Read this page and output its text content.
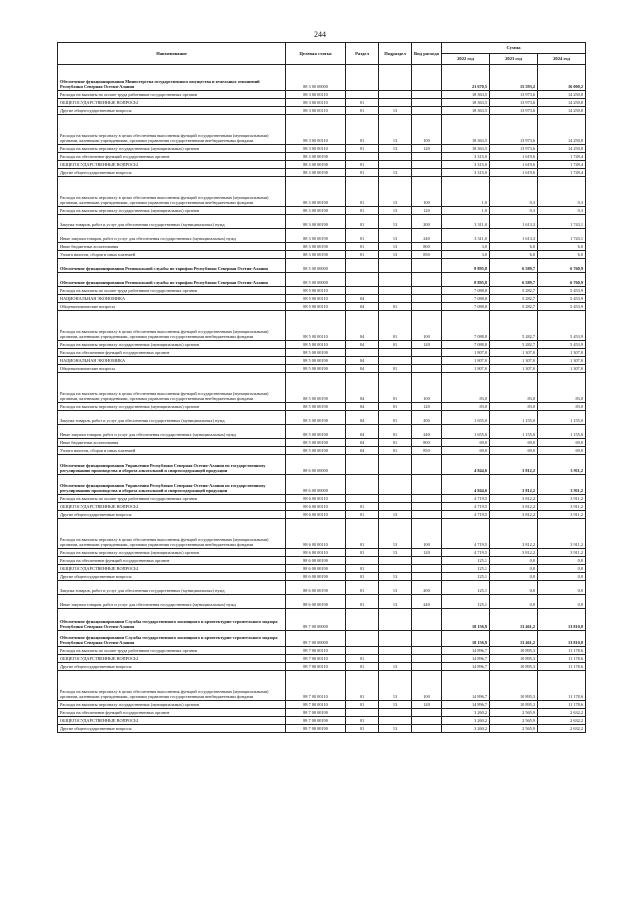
244
Наименование	Целевая статья	Раздел	Подраздел	Вид расхода	Сумма		
					2022 год	2023 год	2024 год
Обеспечение функционирования Министерства государственного имущества и земельных отношений Республики Северная Осетия-Алания	88 3 00 00000				21 670,5	15 593,2	16 000,2
Расходы на выплаты по оплате труда работников государственных органов	88 3 00 00110				18 363,5	13 973,6	14 250,8
ОБЩЕГОСУДАРСТВЕННЫЕ ВОПРОСЫ	88 3 00 00110	01			18 363,5	13 973,6	14 250,8
Другие общегосударственные вопросы	88 3 00 00110	01	13		18 363,5	13 973,6	14 250,8
Расходы на выплаты персоналу в целях обеспечения выполнения функций государственными (муниципальными) органами, казенными учреждениями, органами управления государственными внебюджетными фондами	88 3 00 00110	01	13	100	18 363,5	13 973,6	14 250,8
Расходы на выплаты персоналу государственных (муниципальных) органов	88 3 00 00110	01	13	120	18 363,5	13 973,6	14 250,8
Расходы на обеспечение функций государственных органов	88 3 00 00190				3 315,0	1 619,6	1 749,4
ОБЩЕГОСУДАРСТВЕННЫЕ ВОПРОСЫ	88 3 00 00190	01			3 315,0	1 619,6	1 749,4
Другие общегосударственные вопросы	88 3 00 00190	01	13		3 315,0	1 619,6	1 749,4
Расходы на выплаты персоналу в целях обеспечения выполнения функций государственными (муниципальными) органами, казенными учреждениями, органами управления государственными внебюджетными фондами	88 3 00 00190	01	13	100	1,0	0,3	0,3
Расходы на выплаты персоналу государственных (муниципальных) органов	88 3 00 00190	01	13	120	1,0	0,3	0,3
Закупка товаров, работ и услуг для обеспечения государственных (муниципальных) нужд	88 3 00 00190	01	13	200	3 311,0	1 613,3	1 743,1
Иные закупки товаров, работ и услуг для обеспечения государственных (муниципальных) нужд	88 3 00 00190	01	13	240	3 311,0	1 613,3	1 743,1
Иные бюджетные ассигнования	88 3 00 00190	01	13	800	3,0	6,0	6,0
Уплата налогов, сборов и иных платежей	88 3 00 00190	01	13	850	3,0	6,0	6,0
Обеспечение функционирования Региональной службы по тарифам Республики Северная Осетия-Алания	88 5 00 00000				8 895,8	6 589,7	6 760,9
Обеспечение функционирования Региональной службы по тарифам Республики Северная Осетия-Алания	88 5 00 00000				8 895,8	6 589,7	6 760,9
Расходы на выплаты по оплате труда работников государственных органов	88 5 00 00110				7 088,8	5 282,7	5 453,9
НАЦИОНАЛЬНАЯ ЭКОНОМИКА	88 5 00 00110	04			7 088,8	5 282,7	5 453,9
Общеэкономические вопросы	88 5 00 00110	04	01		7 088,8	5 282,7	5 453,9
Расходы на выплаты персоналу в целях обеспечения выполнения функций государственными (муниципальными) органами, казенными учреждениями, органами управления государственными внебюджетными фондами	88 5 00 00110	04	01	100	7 088,8	5 282,7	5 453,9
Расходы на выплаты персоналу государственных (муниципальных) органов	88 5 00 00110	04	01	120	7 088,8	5 282,7	5 453,9
Расходы на обеспечение функций государственных органов	88 5 00 00190				1 807,0	1 307,0	1 307,0
НАЦИОНАЛЬНАЯ ЭКОНОМИКА	88 5 00 00190	04			1 807,0	1 307,0	1 307,0
Общеэкономические вопросы	88 5 00 00190	04	01		1 807,0	1 307,0	1 307,0
Расходы на выплаты персоналу в целях обеспечения выполнения функций государственными (муниципальными) органами, казенными учреждениями, органами управления государственными внебюджетными фондами	88 5 00 00190	04	01	100	83,0	83,0	83,0
Расходы на выплаты персоналу государственных (муниципальных) органов	88 5 00 00190	04	01	120	83,0	83,0	83,0
Закупка товаров, работ и услуг для обеспечения государственных (муниципальных) нужд	88 5 00 00190	04	01	200	1 655,0	1 155,0	1 155,0
Иные закупки товаров, работ и услуг для обеспечения государственных (муниципальных) нужд	88 5 00 00190	04	01	240	1 655,0	1 155,0	1 155,0
Иные бюджетные ассигнования	88 5 00 00190	04	01	800	69,0	69,0	69,0
Уплата налогов, сборов и иных платежей	88 5 00 00190	04	01	850	69,0	69,0	69,0
Обеспечение функционирования Управления Республики Северная Осетия-Алания по государственному регулированию производства и оборота алкогольной и спиртосодержащей продукции	88 6 00 00000				4 844,6	3 812,2	3 911,2
Обеспечение функционирования Управления Республики Северная Осетия-Алания по государственному регулированию производства и оборота алкогольной и спиртосодержащей продукции	88 6 00 00000				4 844,6	3 812,2	3 911,2
Расходы на выплаты по оплате труда работников государственных органов	88 6 00 00110				4 719,5	3 812,2	3 911,2
ОБЩЕГОСУДАРСТВЕННЫЕ ВОПРОСЫ	88 6 00 00110	01			4 719,5	3 812,2	3 911,2
Другие общегосударственные вопросы	88 6 00 00110	01	13		4 719,5	3 812,2	3 911,2
Расходы на выплаты персоналу в целях обеспечения выполнения функций государственными (муниципальными) органами, казенными учреждениями, органами управления государственными внебюджетными фондами	88 6 00 00110	01	13	100	4 719,5	3 812,2	3 911,2
Расходы на выплаты персоналу государственных (муниципальных) органов	88 6 00 00110	01	13	120	4 719,5	3 812,2	3 911,2
Расходы на обеспечение функций государственных органов	88 6 00 00190				125,1	0,0	0,0
ОБЩЕГОСУДАРСТВЕННЫЕ ВОПРОСЫ	88 6 00 00190	01			125,1	0,0	0,0
Другие общегосударственные вопросы	88 6 00 00190	01	13		125,1	0,0	0,0
Закупка товаров, работ и услуг для обеспечения государственных (муниципальных) нужд	88 6 00 00190	01	13	200	125,1	0,0	0,0
Иные закупки товаров, работ и услуг для обеспечения государственных (муниципальных) нужд	88 6 00 00190	01	13	240	125,1	0,0	0,0
Обеспечение функционирования Службы государственного жилищного и архитектурно-строительного надзора Республики Северная Осетия-Алания	88 7 00 00000				18 156,9	13 461,2	13 810,8
Обеспечение функционирования Службы государственного жилищного и архитектурно-строительного надзора Республики Северная Осетия-Алания	88 7 00 00000				18 156,9	13 461,2	13 810,8
Расходы на выплаты по оплате труда работников государственных органов	88 7 00 00110				14 896,7	10 895,3	11 178,6
ОБЩЕГОСУДАРСТВЕННЫЕ ВОПРОСЫ	88 7 00 00110	01			14 896,7	10 895,3	11 178,6
Другие общегосударственные вопросы	88 7 00 00110	01	13		14 896,7	10 895,3	11 178,6
Расходы на выплаты персоналу в целях обеспечения выполнения функций государственными (муниципальными) органами, казенными учреждениями, органами управления государственными внебюджетными фондами	88 7 00 00110	01	13	100	14 896,7	10 895,3	11 178,6
Расходы на выплаты персоналу государственных (муниципальных) органов	88 7 00 00110	01	13	120	14 896,7	10 895,3	11 178,6
Расходы на обеспечение функций государственных органов	88 7 00 00190				3 260,2	2 565,9	2 632,2
ОБЩЕГОСУДАРСТВЕННЫЕ ВОПРОСЫ	88 7 00 00190	01			3 260,2	2 565,9	2 632,2
Другие общегосударственные вопросы	88 7 00 00190	01	13		3 260,2	2 565,9	2 632,2
